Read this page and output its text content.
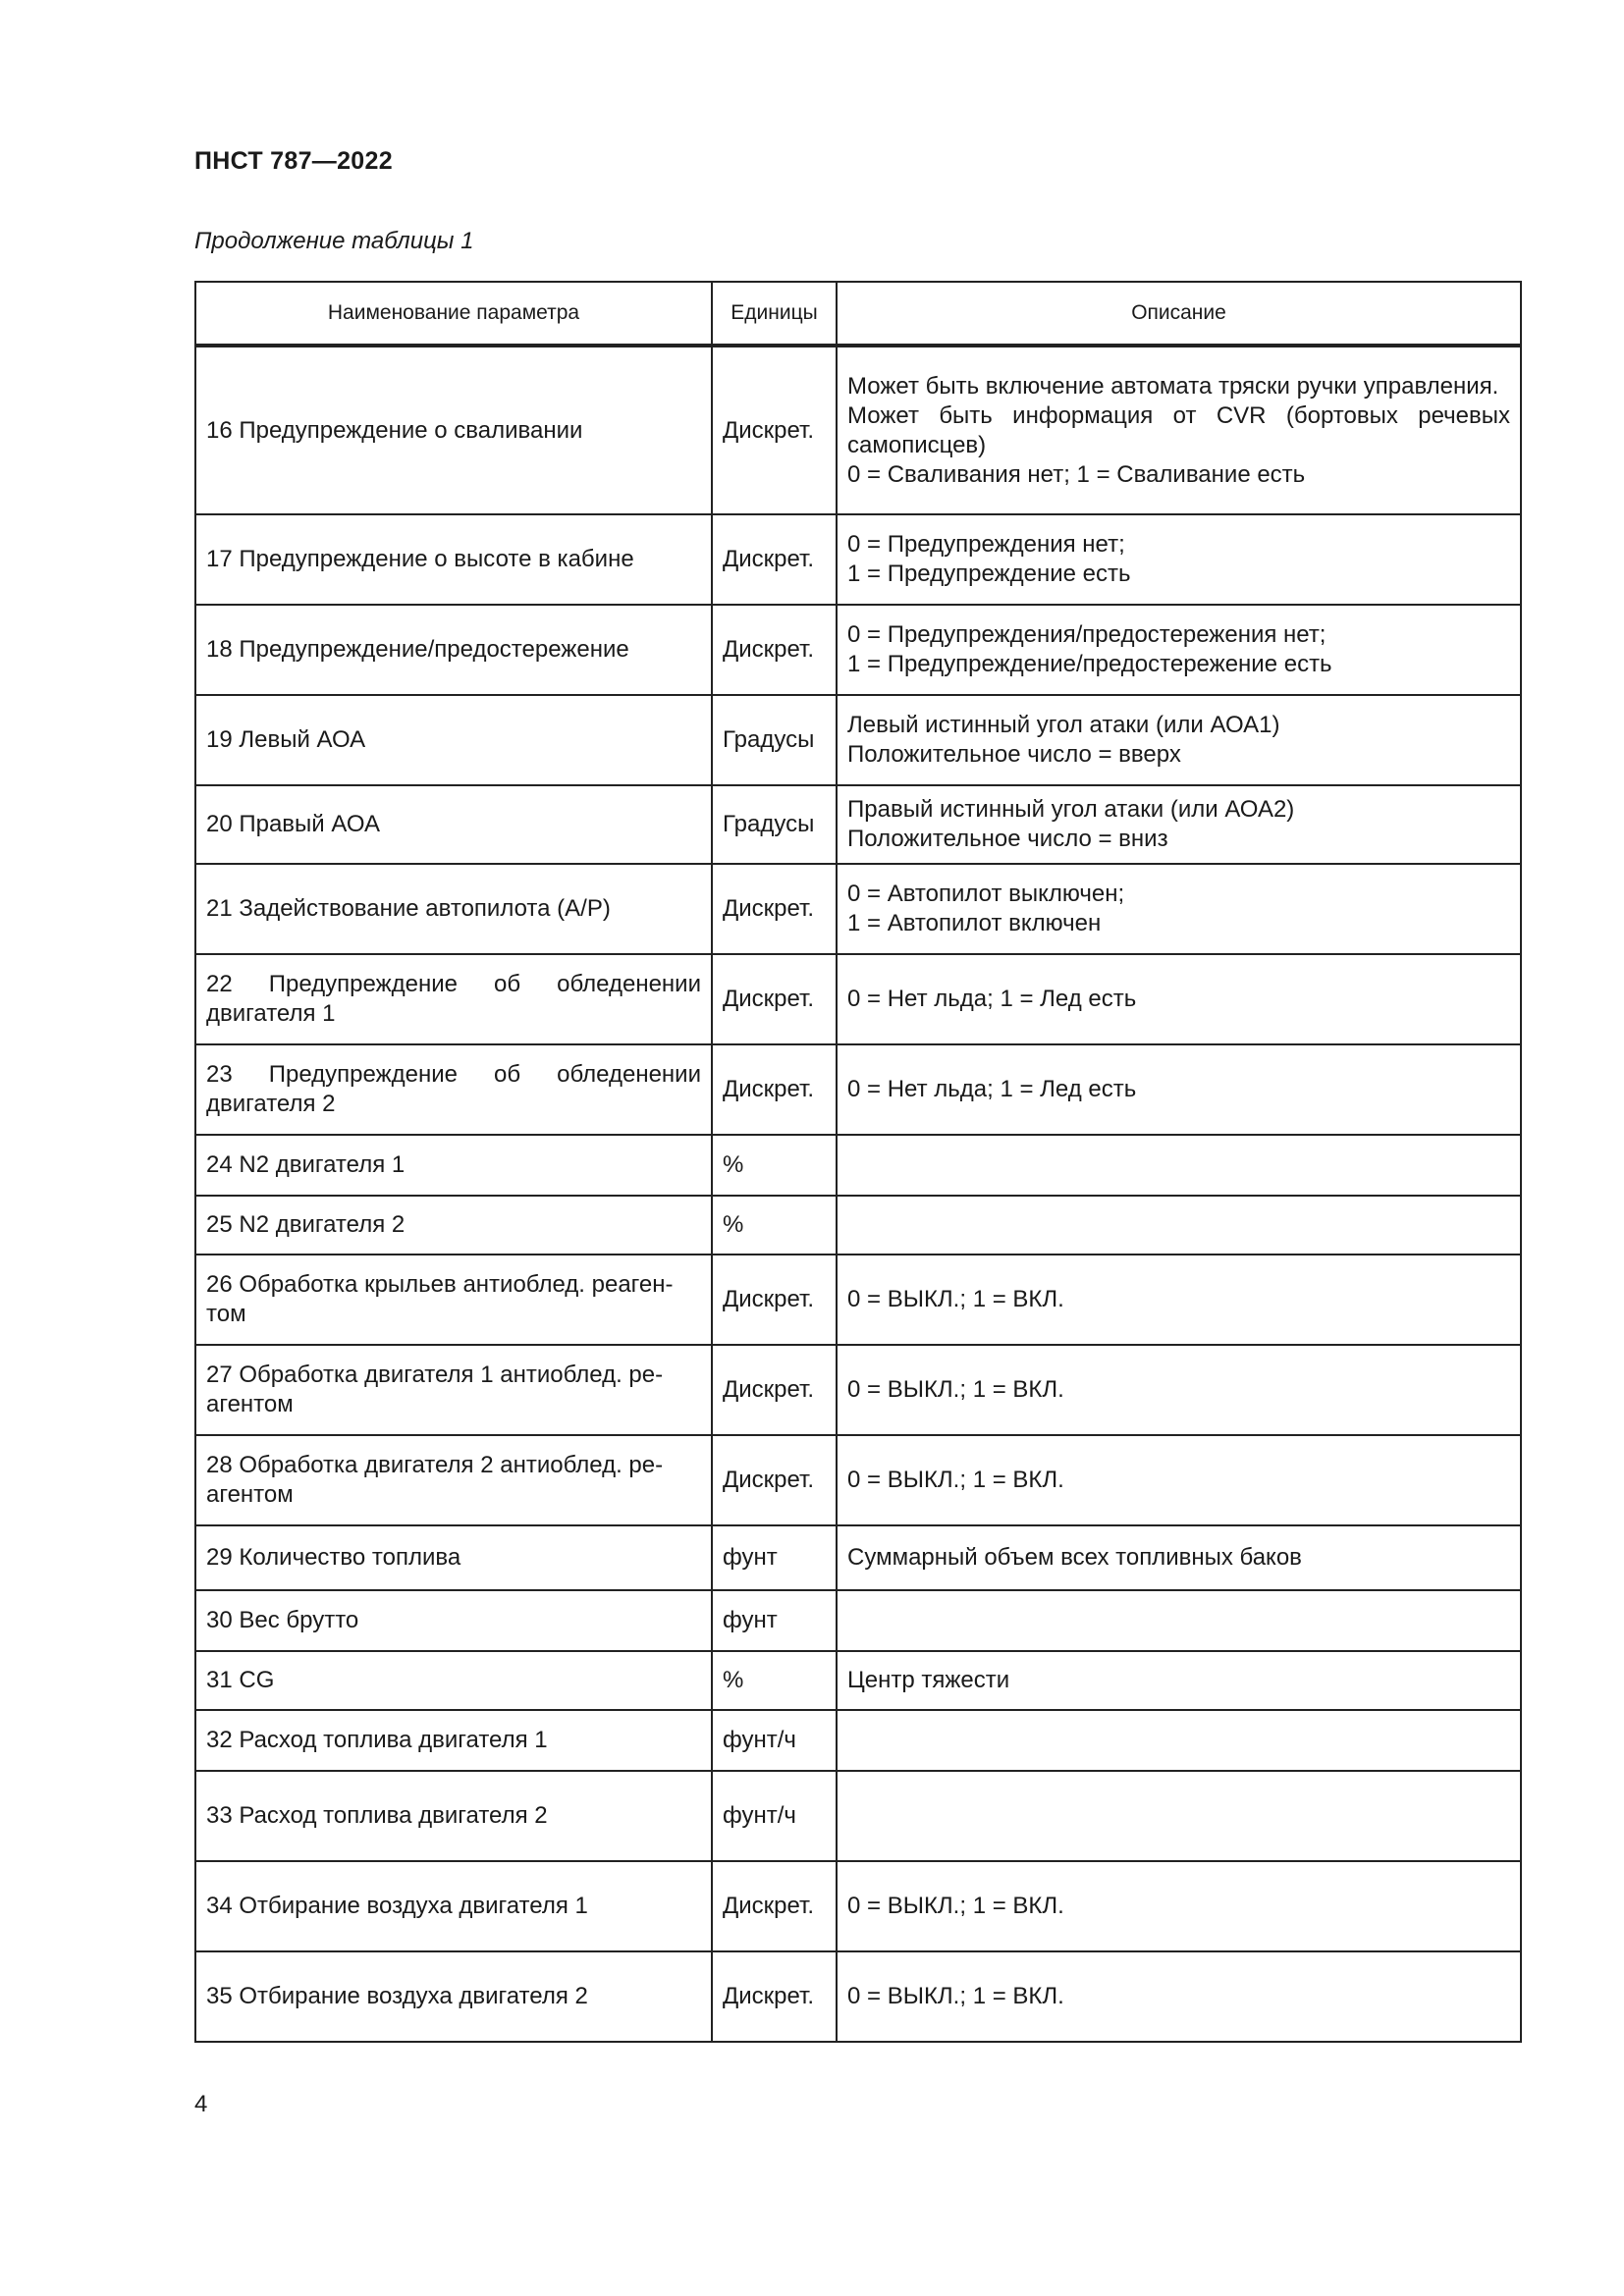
ПНСТ 787—2022
Продолжение таблицы 1
Наименование параметра	Единицы	Описание
16 Предупреждение о сваливании	Дискрет.	Может быть включение автомата тряски ручки управления.
Может быть информация от CVR (бортовых речевых самописцев)
0 = Сваливания нет; 1 = Сваливание есть
17 Предупреждение о высоте в кабине	Дискрет.	0 = Предупреждения нет;
1 = Предупреждение есть
18 Предупреждение/предостережение	Дискрет.	0 = Предупреждения/предостережения нет;
1 = Предупреждение/предостережение есть
19 Левый АОА	Градусы	Левый истинный угол атаки (или АОА1)
Положительное число = вверх
20 Правый АОА	Градусы	Правый истинный угол атаки (или АОА2)
Положительное число = вниз
21 Задействование автопилота (А/Р)	Дискрет.	0 = Автопилот выключен;
1 = Автопилот включен
22 Предупреждение об обледенении двигателя 1	Дискрет.	0 = Нет льда; 1 = Лед есть
23 Предупреждение об обледенении двигателя 2	Дискрет.	0 = Нет льда; 1 = Лед есть
24 N2 двигателя 1	%	
25 N2 двигателя 2	%	
26 Обработка крыльев антиоблед. реаген-
том	Дискрет.	0 = ВЫКЛ.; 1 = ВКЛ.
27 Обработка двигателя 1 антиоблед. ре-
агентом	Дискрет.	0 = ВЫКЛ.; 1 = ВКЛ.
28 Обработка двигателя 2 антиоблед. ре-
агентом	Дискрет.	0 = ВЫКЛ.; 1 = ВКЛ.
29 Количество топлива	фунт	Суммарный объем всех топливных баков
30 Вес брутто	фунт	
31 CG	%	Центр тяжести
32 Расход топлива двигателя 1	фунт/ч	
33 Расход топлива двигателя 2	фунт/ч	
34 Отбирание воздуха двигателя 1	Дискрет.	0 = ВЫКЛ.; 1 = ВКЛ.
35 Отбирание воздуха двигателя 2	Дискрет.	0 = ВЫКЛ.; 1 = ВКЛ.
4
